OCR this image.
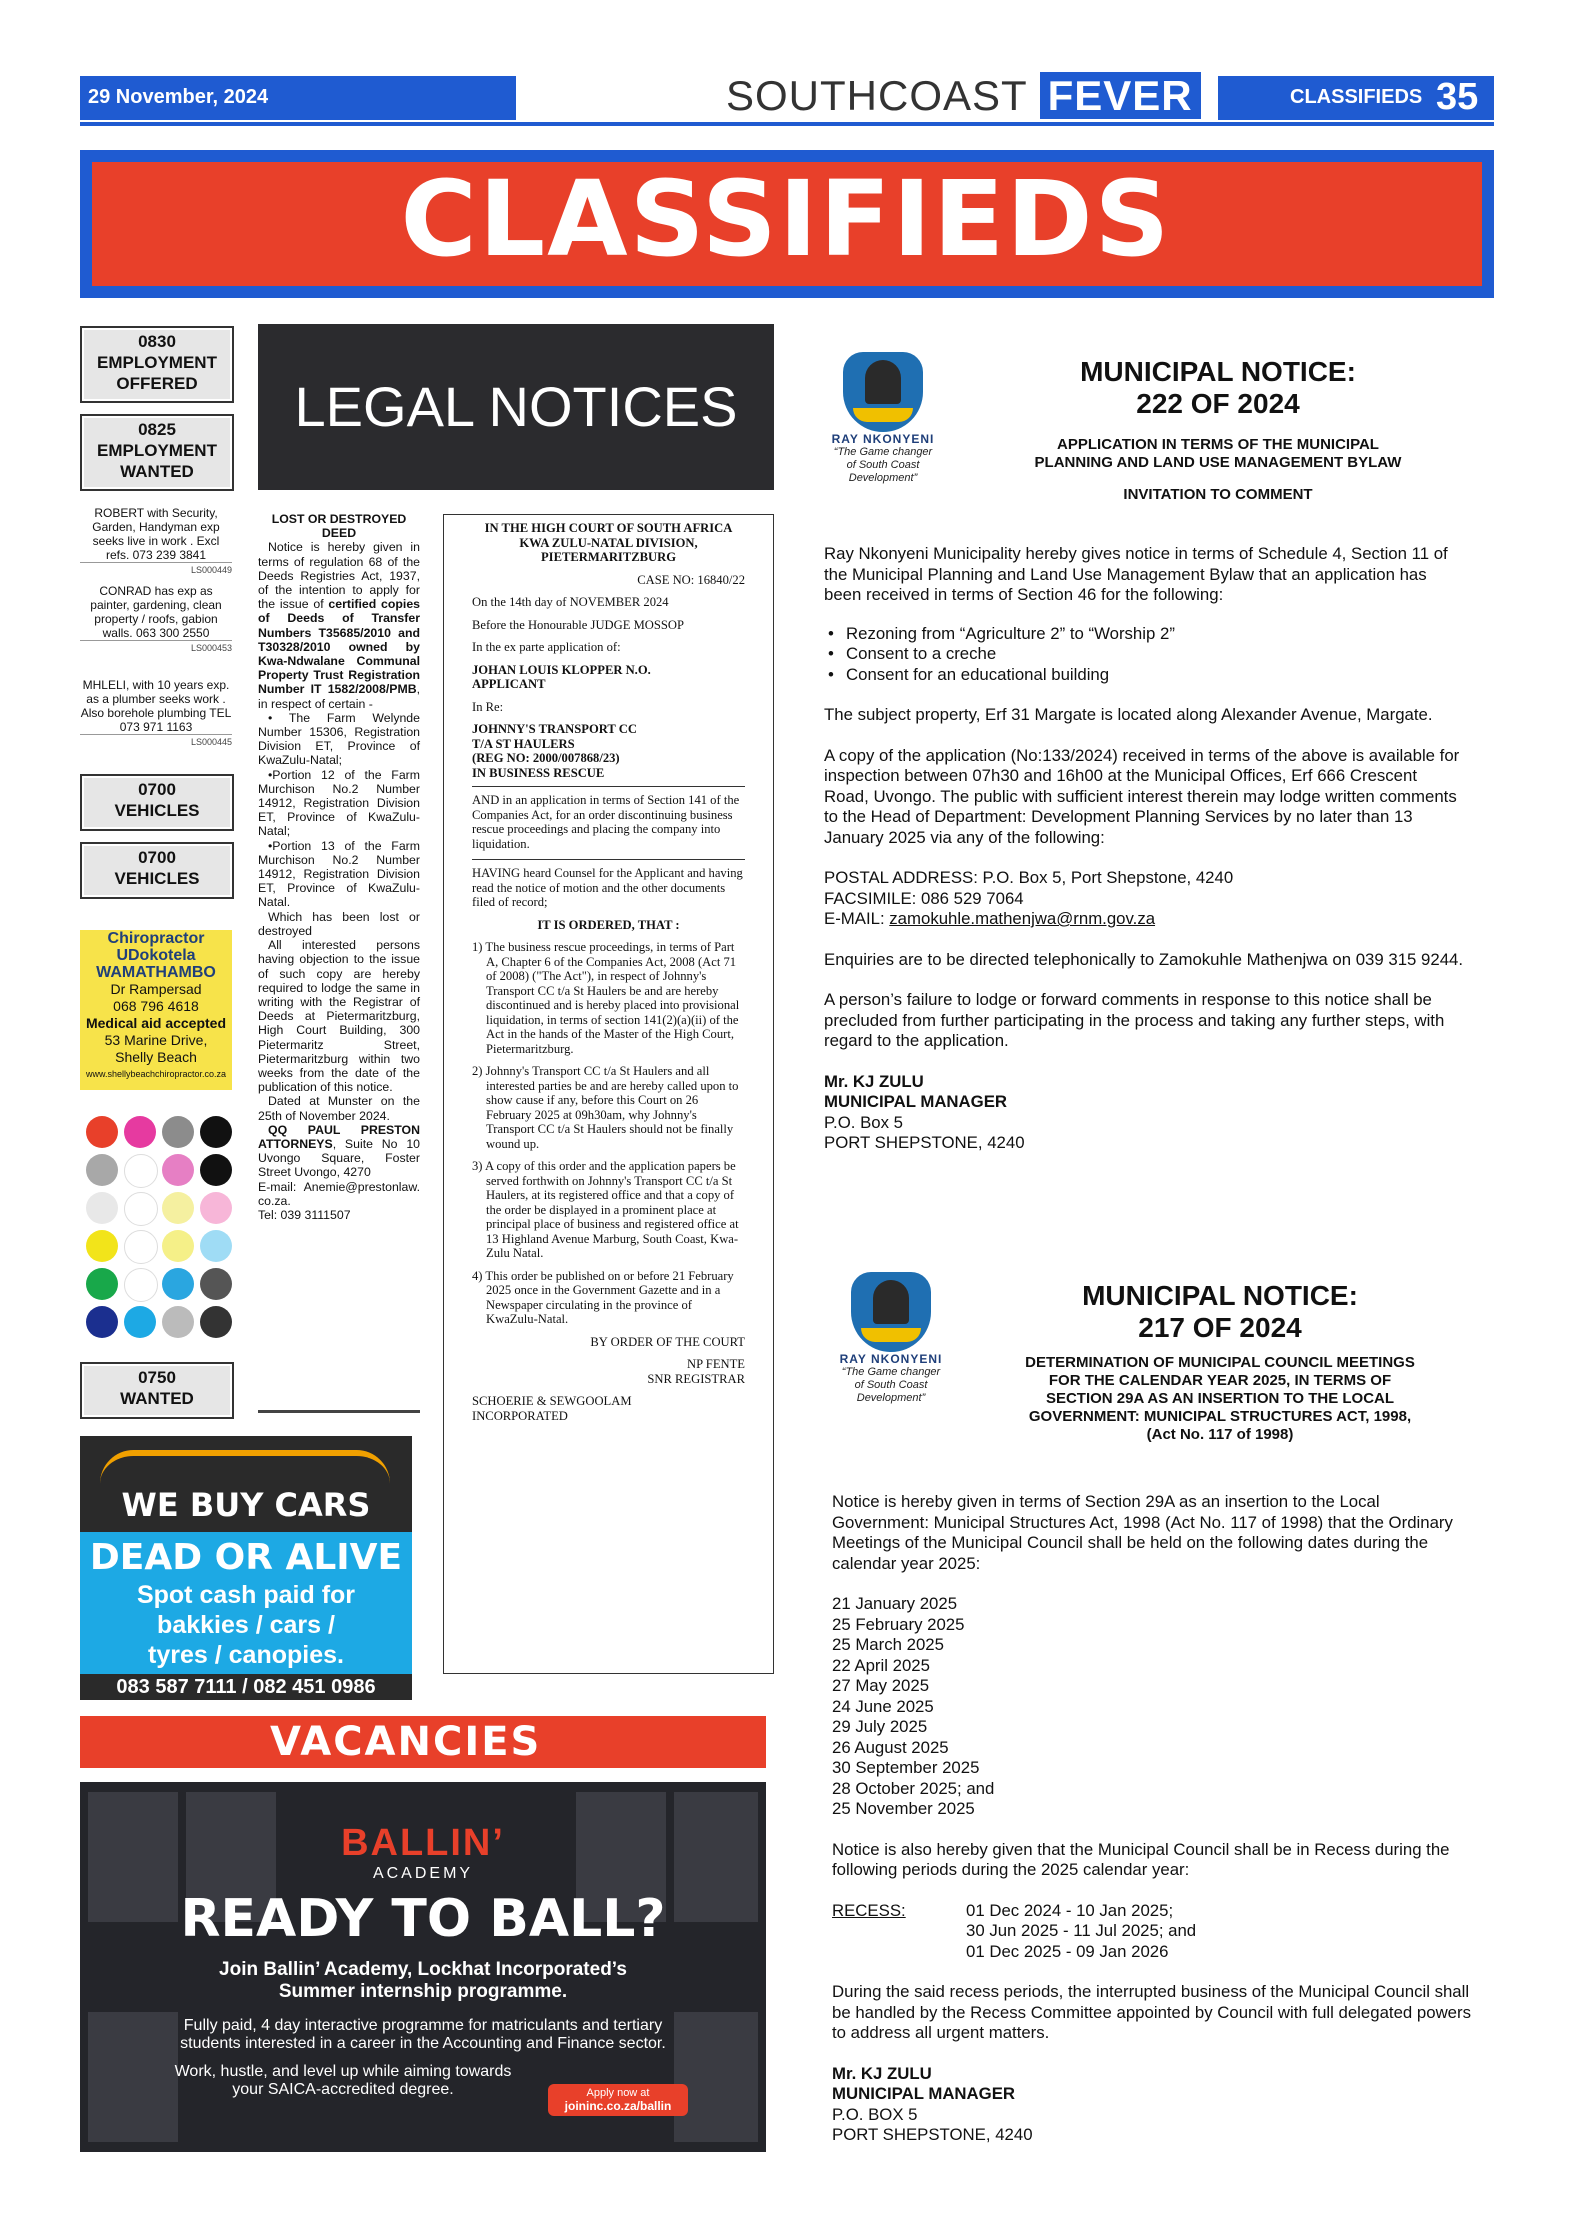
29 November, 2024	SOUTHCOAST FEVER	CLASSIFIEDS 35
CLASSIFIEDS
0830
EMPLOYMENT
OFFERED
0825
EMPLOYMENT
WANTED
ROBERT with Security, Garden, Handyman exp seeks live in work . Excl refs. 073 239 3841
LS000449
CONRAD has exp as painter, gardening, clean property / roofs, gabion walls. 063 300 2550
LS000453
MHLELI, with 10 years exp. as a plumber seeks work . Also borehole plumbing TEL 073 971 1163
LS000445
0700
VEHICLES
0700
VEHICLES
Chiropractor
UDokotela
WAMATHAMBO
Dr Rampersad
068 796 4618
Medical aid accepted
53 Marine Drive,
Shelly Beach
www.shellybeachchiropractor.co.za
0750
WANTED
WE BUY CARS
DEAD OR ALIVE
Spot cash paid for
bakkies / cars /
tyres / canopies.
083 587 7111 / 082 451 0986
LEGAL NOTICES

LOST OR DESTROYED DEED

Notice is hereby given in terms of regulation 68 of the Deeds Registries Act, 1937, of the intention to apply for the issue of certified copies of Deeds of Transfer Numbers T35685/2010 and T30328/2010 owned by Kwa-Ndwalane Communal Property Trust Registration Number IT 1582/2008/PMB, in respect of certain -

• The Farm Welynde Number 15306, Registration Division ET, Province of KwaZulu-Natal;

•Portion 12 of the Farm Murchison No.2 Number 14912, Registration Division ET, Province of KwaZulu-Natal;

•Portion 13 of the Farm Murchison No.2 Number 14912, Registration Division ET, Province of KwaZulu-Natal.

Which has been lost or destroyed

All interested persons having objection to the issue of such copy are hereby required to lodge the same in writing with the Registrar of Deeds at Pietermaritzburg, High Court Building, 300 Pietermaritz Street, Pietermaritzburg within two weeks from the date of the publication of this notice.

Dated at Munster on the 25th of November 2024.

QQ PAUL PRESTON ATTORNEYS, Suite No 10 Uvongo Square, Foster Street Uvongo, 4270

E-mail: Anemie@prestonlaw.co.za.

Tel: 039 3111507

IN THE HIGH COURT OF SOUTH AFRICA KWA ZULU-NATAL DIVISION, PIETERMARITZBURG

CASE NO: 16840/22

On the 14th day of NOVEMBER 2024

Before the Honourable JUDGE MOSSOP

In the ex parte application of:

JOHAN LOUIS KLOPPER N.O.

APPLICANT

In Re:

JOHNNY'S TRANSPORT CC

T/A ST HAULERS

(REG NO: 2000/007868/23)

IN BUSINESS RESCUE

AND in an application in terms of Section 141 of the Companies Act, for an order discontinuing business rescue proceedings and placing the company into liquidation.

HAVING heard Counsel for the Applicant and having read the notice of motion and the other documents filed of record;

IT IS ORDERED, THAT :

1) The business rescue proceedings, in terms of Part A, Chapter 6 of the Companies Act, 2008 (Act 71 of 2008) ("The Act"), in respect of Johnny's Transport CC t/a St Haulers be and are hereby discontinued and is hereby placed into provisional liquidation, in terms of section 141(2)(a)(ii) of the Act in the hands of the Master of the High Court, Pietermaritzburg.
2) Johnny's Transport CC t/a St Haulers and all interested parties be and are hereby called upon to show cause if any, before this Court on 26 February 2025 at 09h30am, why Johnny's Transport CC t/a St Haulers should not be finally wound up.
3) A copy of this order and the application papers be served forthwith on Johnny's Transport CC t/a St Haulers, at its registered office and that a copy of the order be displayed in a prominent place at principal place of business and registered office at 13 Highland Avenue Marburg, South Coast, Kwa-Zulu Natal.
4) This order be published on or before 21 February 2025 once in the Government Gazette and in a Newspaper circulating in the province of KwaZulu-Natal.

BY ORDER OF THE COURT

NP FENTE

SNR REGISTRAR

SCHOERIE & SEWGOOLAM

INCORPORATED

VACANCIES
BALLIN’
ACADEMY
READY TO BALL?
Join Ballin’ Academy, Lockhat Incorporated’s
Summer internship programme.
Fully paid, 4 day interactive programme for matriculants and tertiary
students interested in a career in the Accounting and Finance sector.
Work, hustle, and level up while aiming towards
your SAICA-accredited degree.	Apply now at
joininc.co.za/ballin
RAY NKONYENI
“The Game changer
of South Coast
Development”
MUNICIPAL NOTICE:
222 OF 2024
APPLICATION IN TERMS OF THE MUNICIPAL
PLANNING AND LAND USE MANAGEMENT BYLAW
INVITATION TO COMMENT

Ray Nkonyeni Municipality hereby gives notice in terms of Schedule 4, Section 11 of the Municipal Planning and Land Use Management Bylaw that an application has been received in terms of Section 46 for the following:

• Rezoning from “Agriculture 2” to “Worship 2”
• Consent to a creche
• Consent for an educational building

The subject property, Erf 31 Margate is located along Alexander Avenue, Margate.

A copy of the application (No:133/2024) received in terms of the above is available for inspection between 07h30 and 16h00 at the Municipal Offices, Erf 666 Crescent Road, Uvongo. The public with sufficient interest therein may lodge written comments to the Head of Department: Development Planning Services by no later than 13 January 2025 via any of the following:

POSTAL ADDRESS: P.O. Box 5, Port Shepstone, 4240

FACSIMILE: 086 529 7064

E-MAIL: zamokuhle.mathenjwa@rnm.gov.za

Enquiries are to be directed telephonically to Zamokuhle Mathenjwa on 039 315 9244.

A person’s failure to lodge or forward comments in response to this notice shall be precluded from further participating in the process and taking any further steps, with regard to the application.

Mr. KJ ZULU

MUNICIPAL MANAGER

P.O. Box 5

PORT SHEPSTONE, 4240

RAY NKONYENI
“The Game changer
of South Coast
Development”
MUNICIPAL NOTICE:
217 OF 2024
DETERMINATION OF MUNICIPAL COUNCIL MEETINGS
FOR THE CALENDAR YEAR 2025, IN TERMS OF
SECTION 29A AS AN INSERTION TO THE LOCAL
GOVERNMENT: MUNICIPAL STRUCTURES ACT, 1998,
(Act No. 117 of 1998)

Notice is hereby given in terms of Section 29A as an insertion to the Local Government: Municipal Structures Act, 1998 (Act No. 117 of 1998) that the Ordinary Meetings of the Municipal Council shall be held on the following dates during the calendar year 2025:

21 January 2025

25 February 2025

25 March 2025

22 April 2025

27 May 2025

24 June 2025

29 July 2025

26 August 2025

30 September 2025

28 October 2025; and

25 November 2025

Notice is also hereby given that the Municipal Council shall be in Recess during the following periods during the 2025 calendar year:

RECESS:	01 Dec 2024 - 10 Jan 2025;

30 Jun 2025 - 11 Jul 2025; and

01 Dec 2025 - 09 Jan 2026

During the said recess periods, the interrupted business of the Municipal Council shall be handled by the Recess Committee appointed by Council with full delegated powers to address all urgent matters.

Mr. KJ ZULU

MUNICIPAL MANAGER

P.O. BOX 5

PORT SHEPSTONE, 4240
